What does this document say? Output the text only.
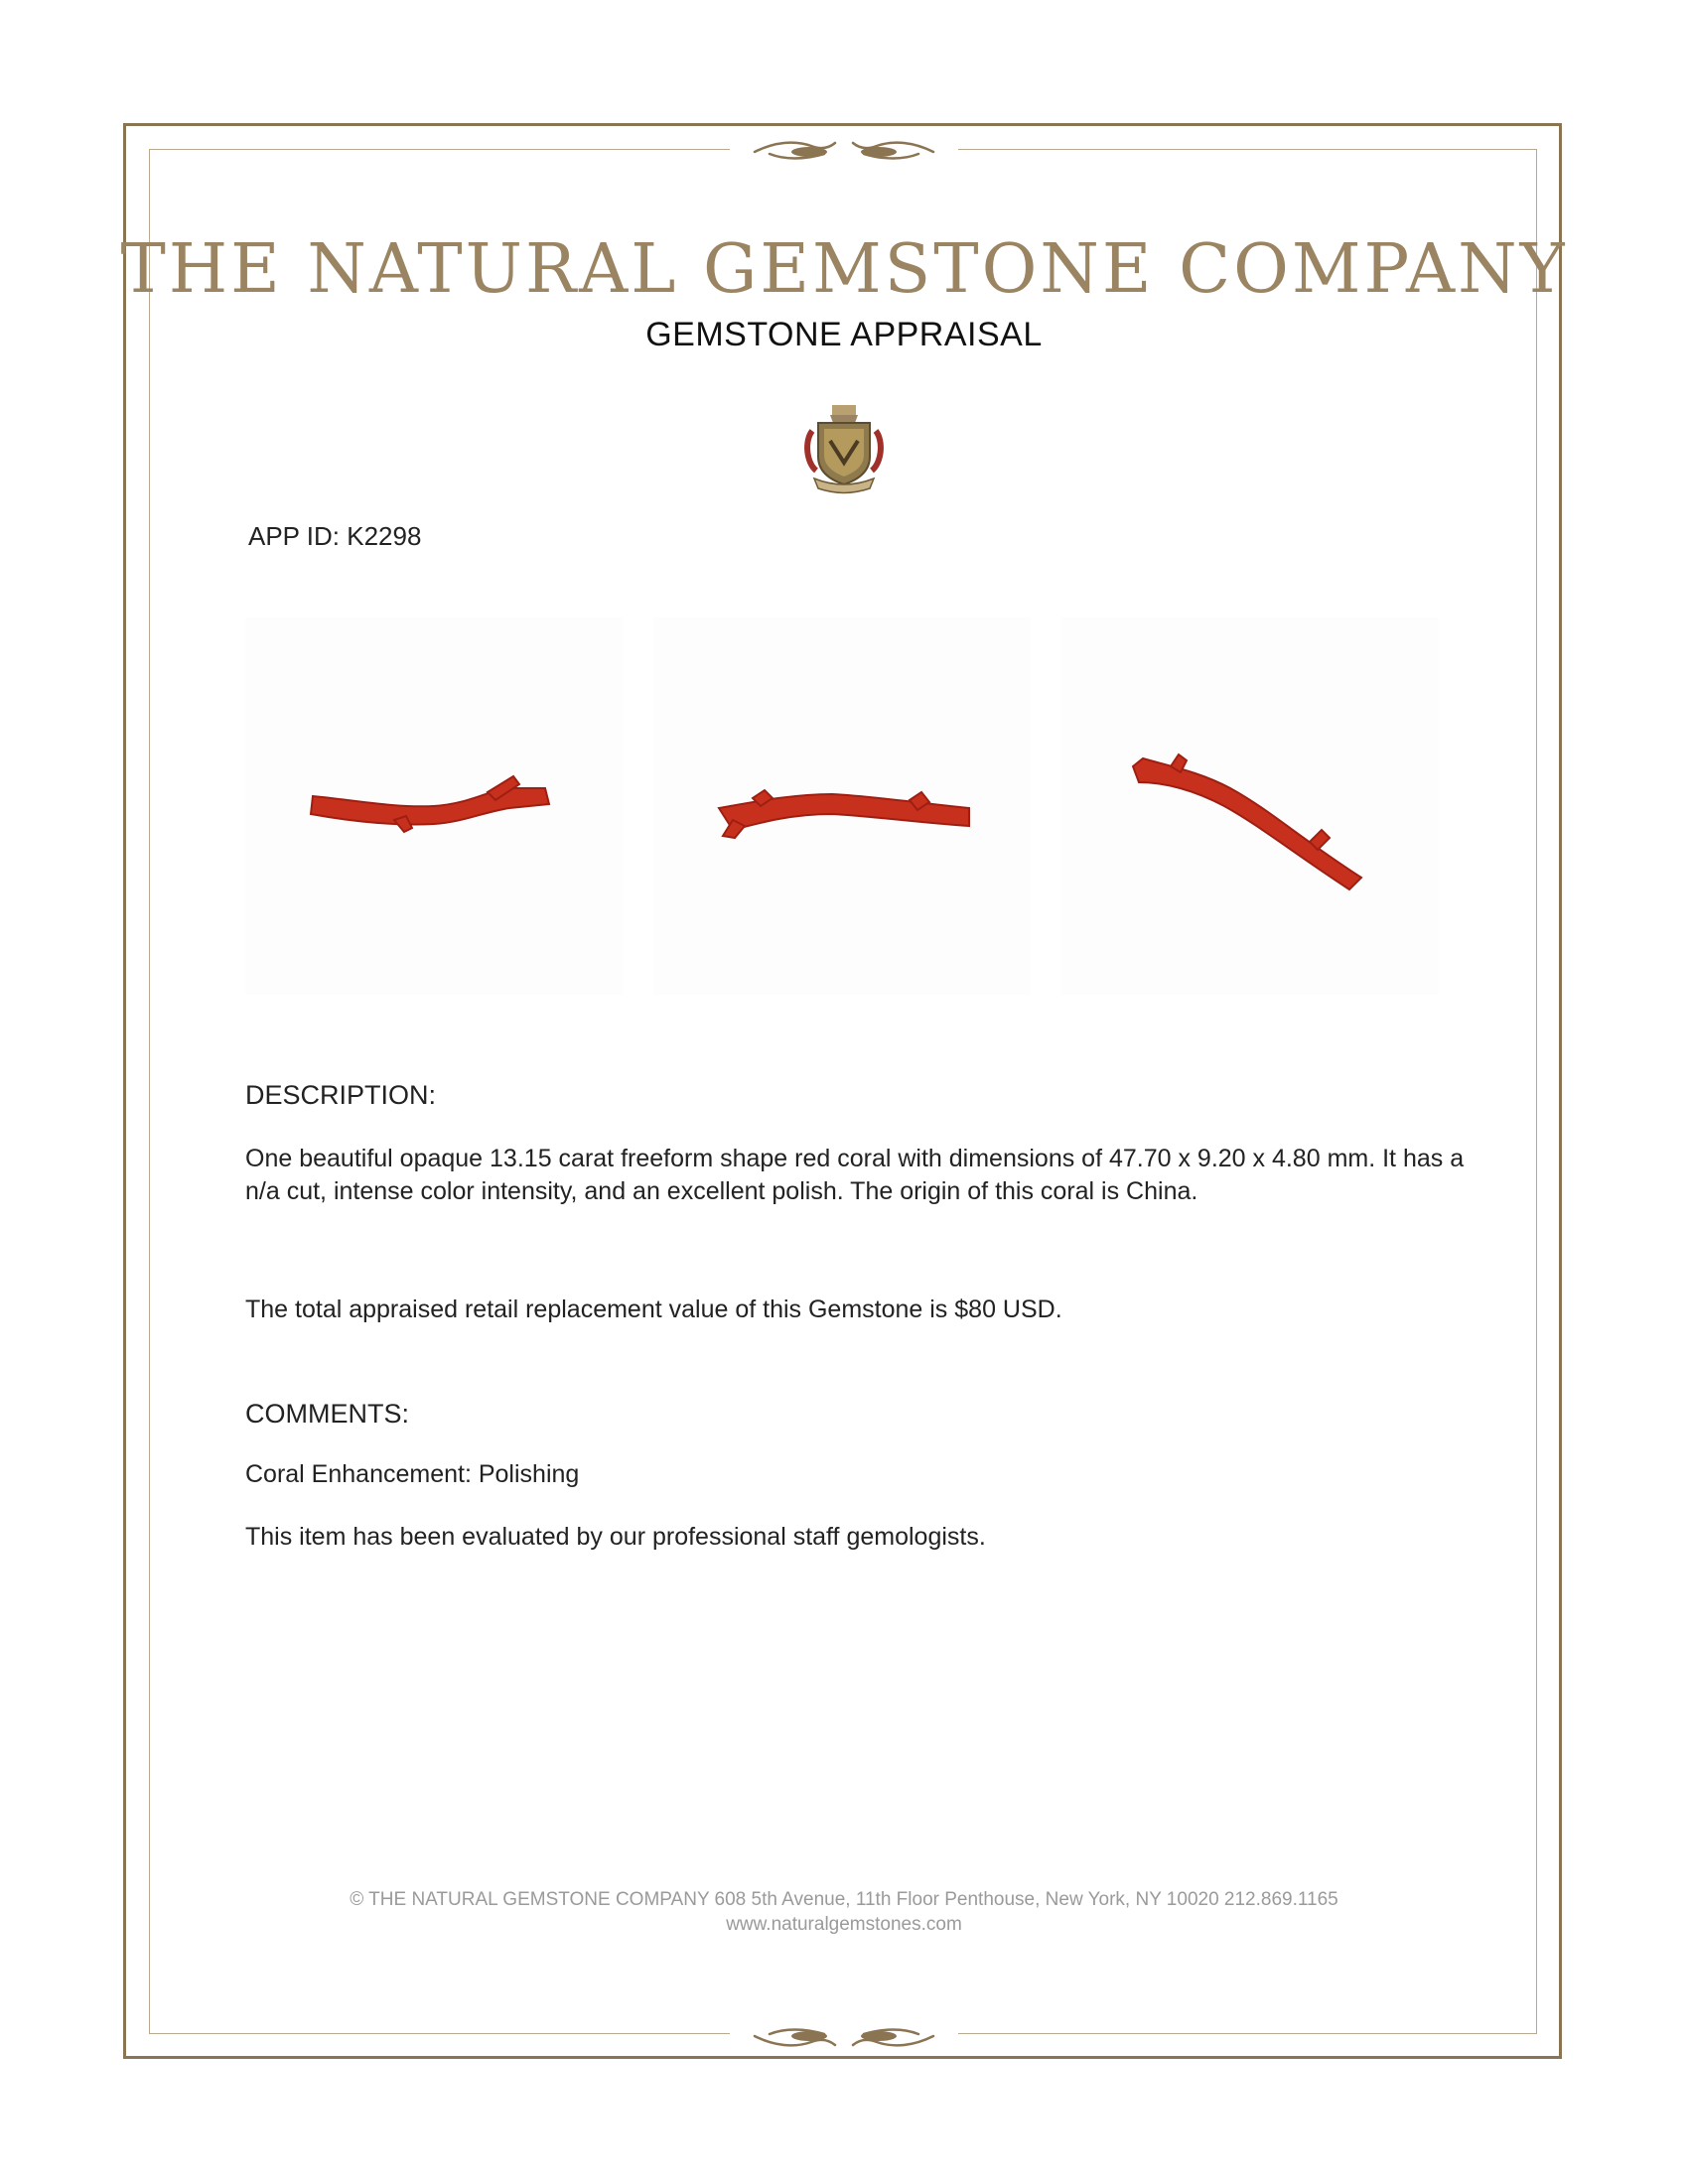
THE NATURAL GEMSTONE COMPANY
GEMSTONE APPRAISAL
APP ID: K2298
DESCRIPTION:
One beautiful opaque 13.15 carat freeform shape red coral with dimensions of 47.70 x 9.20 x 4.80 mm. It has a n/a cut, intense color intensity, and an excellent polish. The origin of this coral is China.
The total appraised retail replacement value of this Gemstone is $80 USD.
COMMENTS:
Coral Enhancement: Polishing
This item has been evaluated by our professional staff gemologists.
© THE NATURAL GEMSTONE COMPANY 608 5th Avenue, 11th Floor Penthouse, New York, NY 10020 212.869.1165
www.naturalgemstones.com
